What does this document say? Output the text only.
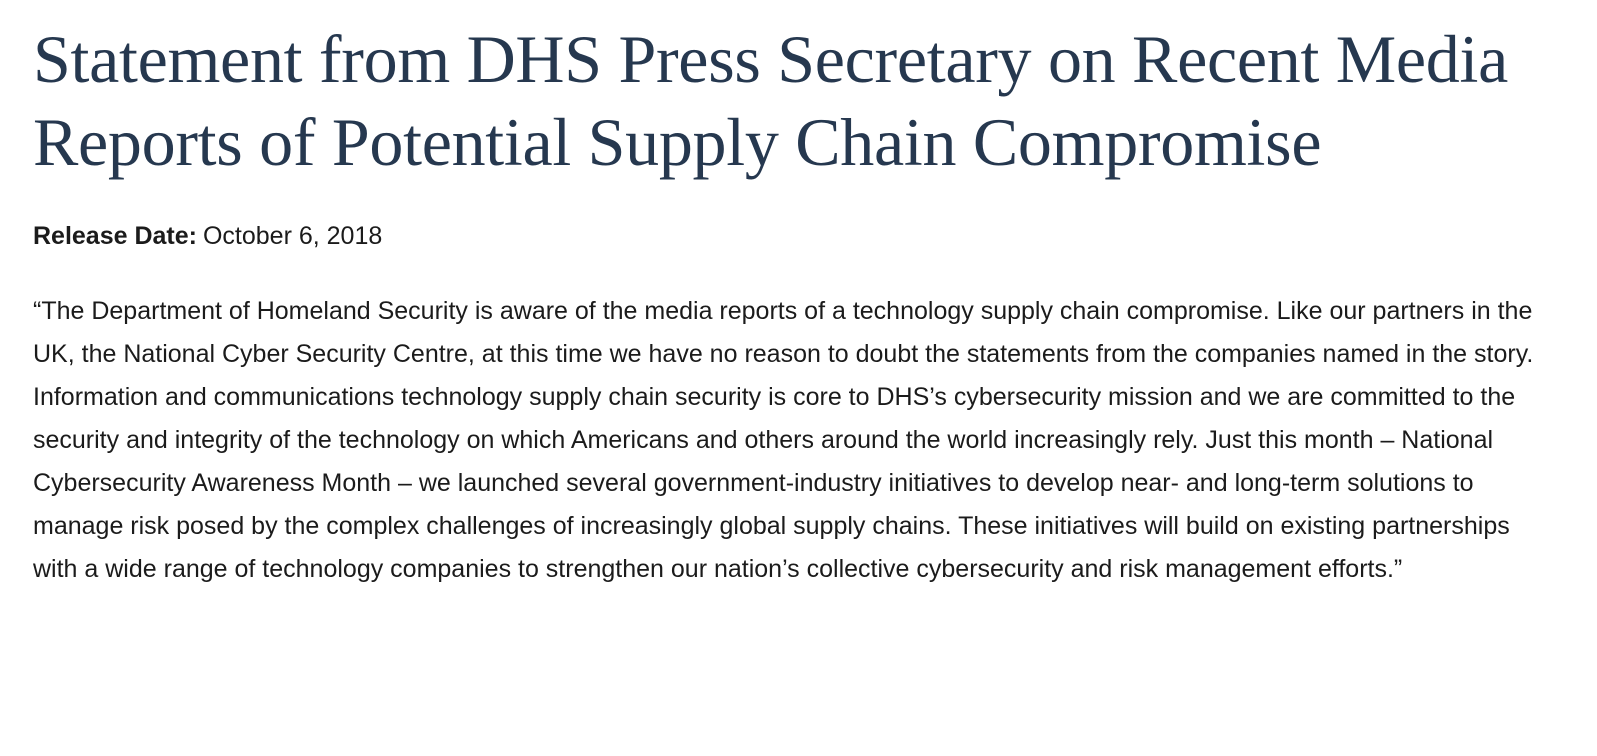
Statement from DHS Press Secretary on Recent Media Reports of Potential Supply Chain Compromise
Release Date: October 6, 2018

“The Department of Homeland Security is aware of the media reports of a technology supply chain compromise. Like our partners in the UK, the National Cyber Security Centre, at this time we have no reason to doubt the statements from the companies named in the story. Information and communications technology supply chain security is core to DHS’s cybersecurity mission and we are committed to the security and integrity of the technology on which Americans and others around the world increasingly rely. Just this month – National Cybersecurity Awareness Month – we launched several government-industry initiatives to develop near- and long-term solutions to manage risk posed by the complex challenges of increasingly global supply chains. These initiatives will build on existing partnerships with a wide range of technology companies to strengthen our nation’s collective cybersecurity and risk management efforts.”
